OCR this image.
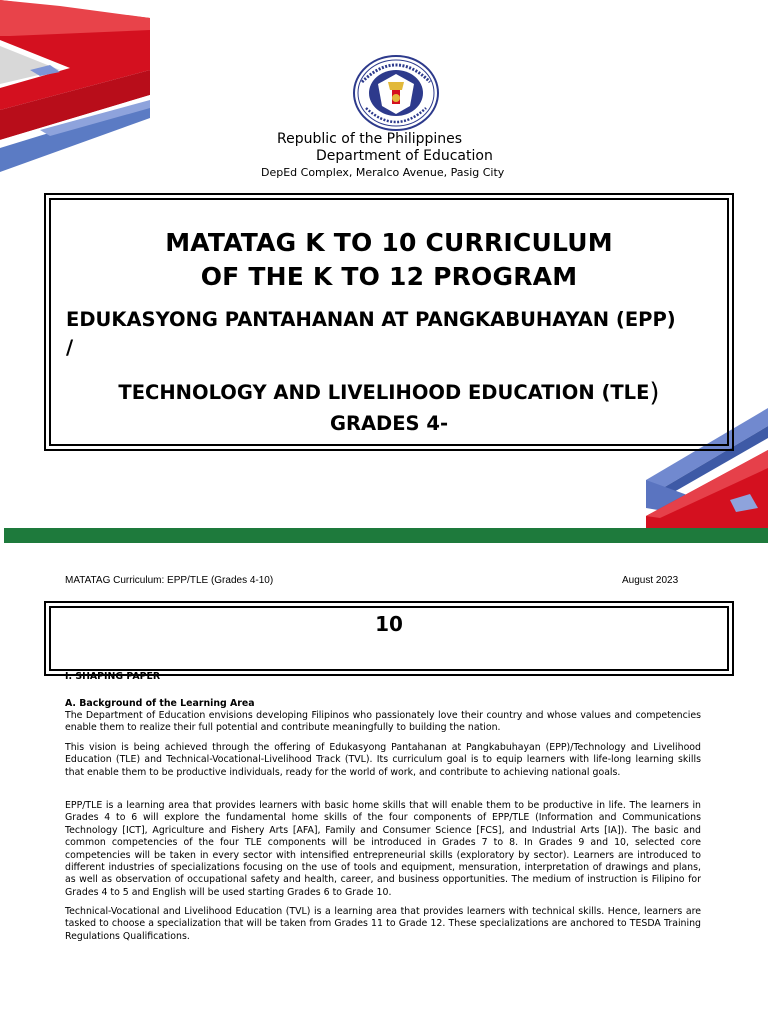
Republic of the Philippines
Department of Education
DepEd Complex, Meralco Avenue, Pasig City
MATATAG K TO 10 CURRICULUM
OF THE K TO 12 PROGRAM
EDUKASYONG PANTAHANAN AT PANGKABUHAYAN (EPP)
/
TECHNOLOGY AND LIVELIHOOD EDUCATION (TLE)
GRADES 4-
MATATAG Curriculum: EPP/TLE (Grades 4-10)	August 2023
10
I. SHAPING PAPER
A. Background of the Learning Area

The Department of Education envisions developing Filipinos who passionately love their country and whose values and competencies enable them to realize their full potential and contribute meaningfully to building the nation.

This vision is being achieved through the offering of Edukasyong Pantahanan at Pangkabuhayan (EPP)/Technology and Livelihood Education (TLE) and Technical-Vocational-Livelihood Track (TVL). Its curriculum goal is to equip learners with life-long learning skills that enable them to be productive individuals, ready for the world of work, and contribute to achieving national goals.

EPP/TLE is a learning area that provides learners with basic home skills that will enable them to be productive in life. The learners in Grades 4 to 6 will explore the fundamental home skills of the four components of EPP/TLE (Information and Communications Technology [ICT], Agriculture and Fishery Arts [AFA], Family and Consumer Science [FCS], and Industrial Arts [IA]). The basic and common competencies of the four TLE components will be introduced in Grades 7 to 8. In Grades 9 and 10, selected core competencies will be taken in every sector with intensified entrepreneurial skills (exploratory by sector). Learners are introduced to different industries of specializations focusing on the use of tools and equipment, mensuration, interpretation of drawings and plans, as well as observation of occupational safety and health, career, and business opportunities. The medium of instruction is Filipino for Grades 4 to 5 and English will be used starting Grades 6 to Grade 10.

Technical-Vocational and Livelihood Education (TVL) is a learning area that provides learners with technical skills. Hence, learners are tasked to choose a specialization that will be taken from Grades 11 to Grade 12. These specializations are anchored to TESDA Training Regulations Qualifications.
